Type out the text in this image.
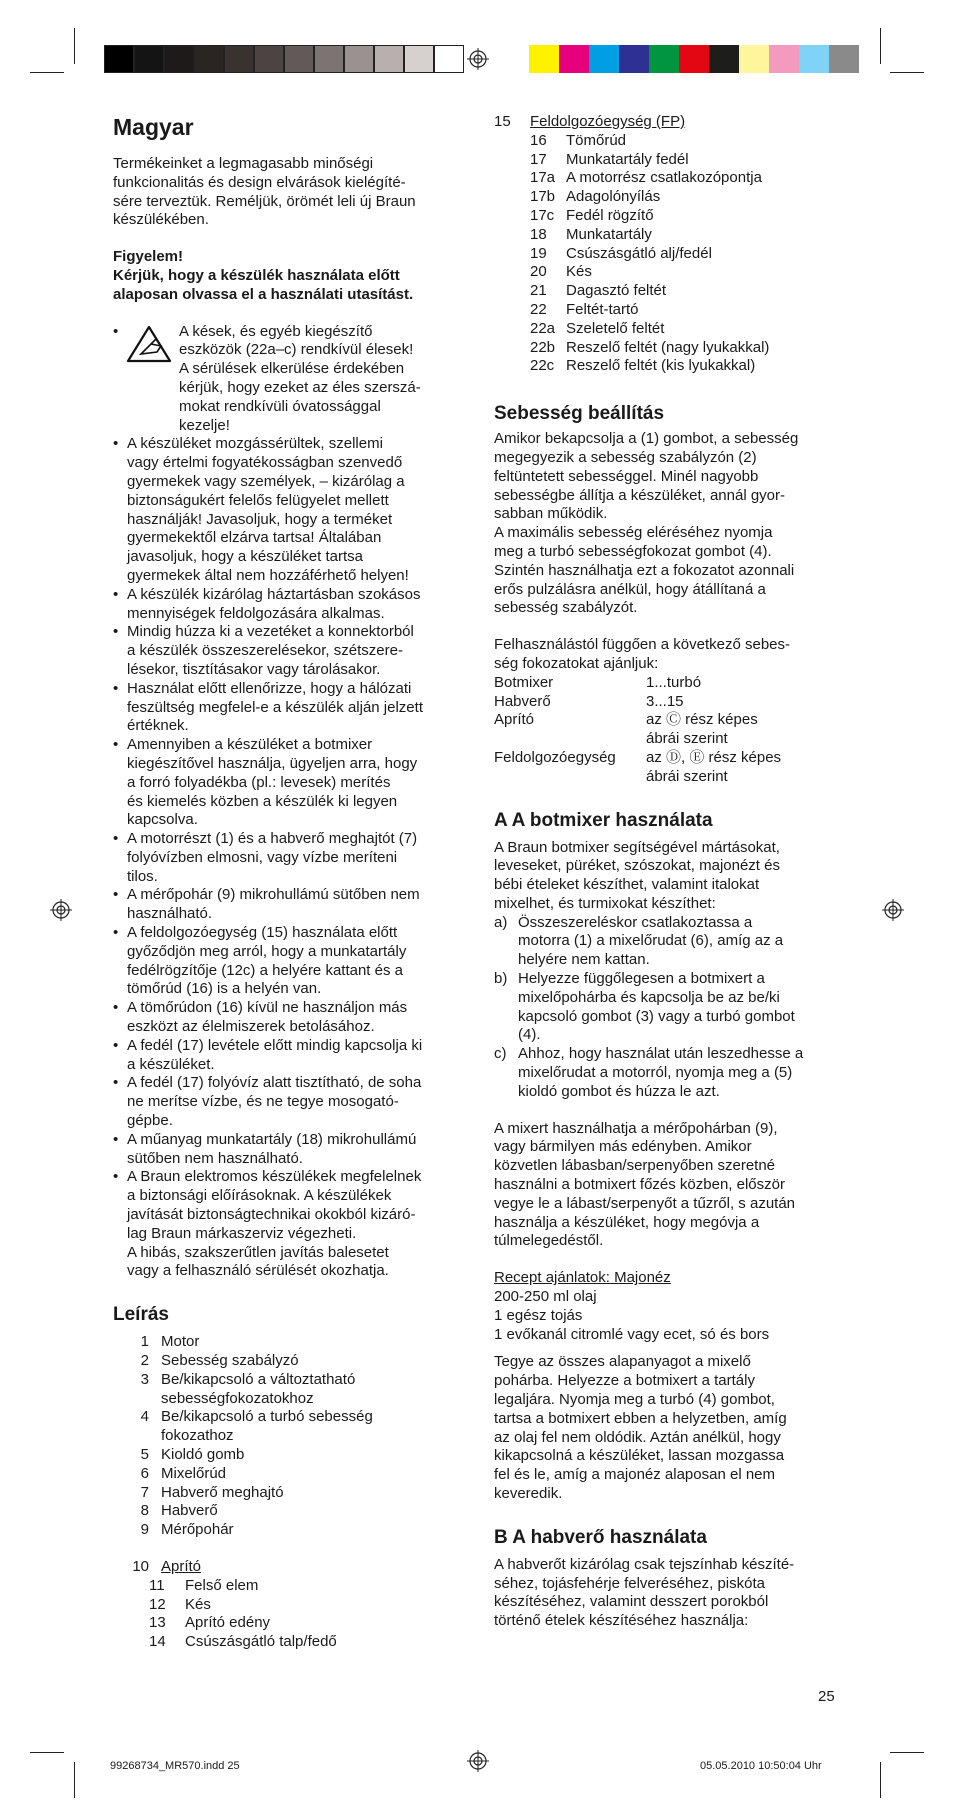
Magyar
Termékeinket a legmagasabb minőségi
funkcionalitás és design elvárások kielégíté-
sére terveztük. Reméljük, örömét leli új Braun
készülékében.

Figyelem!

Kérjük, hogy a készülék használata előtt
alaposan olvassa el a használati utasítást.
• A kések, és egyéb kiegészítő
eszközök (22a–c) rendkívül élesek!
A sérülések elkerülése érdekében
kérjük, hogy ezeket az éles szerszá-
mokat rendkívüli óvatossággal
kezelje!
• A készüléket mozgássérültek, szellemi
vagy értelmi fogyatékosságban szenvedő
gyermekek vagy személyek, – kizárólag a
biztonságukért felelős felügyelet mellett
használják! Javasoljuk, hogy a terméket
gyermekektől elzárva tartsa! Általában
javasoljuk, hogy a készüléket tartsa
gyermekek által nem hozzáférhető helyen!
• A készülék kizárólag háztartásban szokásos
mennyiségek feldolgozására alkalmas.
• Mindig húzza ki a vezetéket a konnektorból
a készülék összeszerelésekor, szétszere-
lésekor, tisztításakor vagy tárolásakor.
• Használat előtt ellenőrizze, hogy a hálózati
feszültség megfelel-e a készülék alján jelzett
értéknek.
• Amennyiben a készüléket a botmixer
kiegészítővel használja, ügyeljen arra, hogy
a forró folyadékba (pl.: levesek) merítés
és kiemelés közben a készülék ki legyen
kapcsolva.
• A motorrészt (1) és a habverő meghajtót (7)
folyóvízben elmosni, vagy vízbe meríteni
tilos.
• A mérőpohár (9) mikrohullámú sütőben nem
használható.
• A feldolgozóegység (15) használata előtt
győződjön meg arról, hogy a munkatartály
fedélrögzítője (12c) a helyére kattant és a
tömőrúd (16) is a helyén van.
• A tömőrúdon (16) kívül ne használjon más
eszközt az élelmiszerek betolásához.
• A fedél (17) levétele előtt mindig kapcsolja ki
a készüléket.
• A fedél (17) folyóvíz alatt tisztítható, de soha
ne merítse vízbe, és ne tegye mosogató-
gépbe.
• A műanyag munkatartály (18) mikrohullámú
sütőben nem használható.
• A Braun elektromos készülékek megfelelnek
a biztonsági előírásoknak. A készülékek
javítását biztonságtechnikai okokból kizáró-
lag Braun márkaszerviz végezheti.
A hibás, szakszerűtlen javítás balesetet
vagy a felhasználó sérülését okozhatja.
Leírás
1 Motor
2 Sebesség szabályzó
3 Be/kikapcsoló a változtatható
sebességfokozatokhoz
4 Be/kikapcsoló a turbó sebesség
fokozathoz
5 Kioldó gomb
6 Mixelőrúd
7 Habverő meghajtó
8 Habverő
9 Mérőpohár
10 Aprító
11	Felső elem
12	Kés
13	Aprító edény
14	Csúszásgátló talp/fedő
15	Feldolgozóegység (FP)
16	Tömőrúd
17	Munkatartály fedél
17a A motorrész csatlakozópontja
17b Adagolónyílás
17c Fedél rögzítő
18	Munkatartály
19	Csúszásgátló alj/fedél
20	Kés
21	Dagasztó feltét
22	Feltét-tartó
22a Szeletelő feltét
22b Reszelő feltét (nagy lyukakkal)
22c Reszelő feltét (kis lyukakkal)
Sebesség beállítás
Amikor bekapcsolja a (1) gombot, a sebesség
megegyezik a sebesség szabályzón (2)
feltüntetett sebességgel. Minél nagyobb
sebességbe állítja a készüléket, annál gyor-
sabban működik.
A maximális sebesség eléréséhez nyomja
meg a turbó sebességfokozat gombot (4).
Szintén használhatja ezt a fokozatot azonnali
erős pulzálásra anélkül, hogy átállítaná a
sebesség szabályzót.
Felhasználástól függően a következő sebes-
ség fokozatokat ajánljuk:
Botmixer	1...turbó
Habverő	3...15
Aprító	az Ⓒ rész képes
ábrái szerint
Feldolgozóegység	az Ⓓ, Ⓔ rész képes
ábrái szerint
A A botmixer használata
A Braun botmixer segítségével mártásokat,
leveseket, püréket, szószokat, majonézt és
bébi ételeket készíthet, valamint italokat
mixelhet, és turmixokat készíthet:
a) Összeszereléskor csatlakoztassa a
motorra (1) a mixelőrudat (6), amíg az a
helyére nem kattan.
b) Helyezze függőlegesen a botmixert a
mixelőpohárba és kapcsolja be az be/ki
kapcsoló gombot (3) vagy a turbó gombot
(4).
c) Ahhoz, hogy használat után leszedhesse a
mixelőrudat a motorról, nyomja meg a (5)
kioldó gombot és húzza le azt.
A mixert használhatja a mérőpohárban (9),
vagy bármilyen más edényben. Amikor
közvetlen lábasban/serpenyőben szeretné
használni a botmixert főzés közben, először
vegye le a lábast/serpenyőt a tűzről, s azután
használja a készüléket, hogy megóvja a
túlmelegedéstől.

Recept ajánlatok: Majonéz

200-250 ml olaj
1 egész tojás
1 evőkanál citromlé vagy ecet, só és bors
Tegye az összes alapanyagot a mixelő
pohárba. Helyezze a botmixert a tartály
legaljára. Nyomja meg a turbó (4) gombot,
tartsa a botmixert ebben a helyzetben, amíg
az olaj fel nem oldódik. Aztán anélkül, hogy
kikapcsolná a készüléket, lassan mozgassa
fel és le, amíg a majonéz alaposan el nem
keveredik.
B A habverő használata
A habverőt kizárólag csak tejszínhab készíté-
séhez, tojásfehérje felveréséhez, piskóta
készítéséhez, valamint desszert porokból
történő ételek készítéséhez használja:
25
99268734_MR570.indd 25	05.05.2010 10:50:04 Uhr
